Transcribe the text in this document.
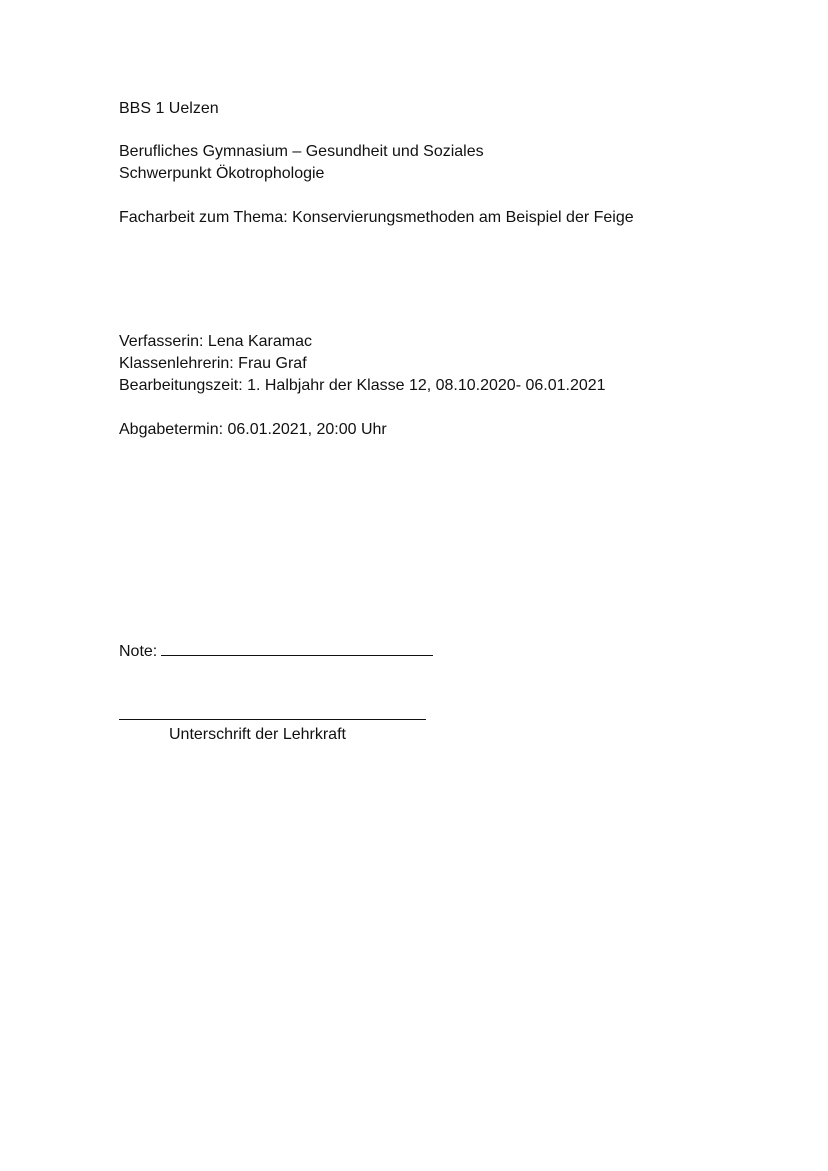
BBS 1 Uelzen
Berufliches Gymnasium – Gesundheit und Soziales
Schwerpunkt Ökotrophologie
Facharbeit zum Thema: Konservierungsmethoden am Beispiel der Feige
Verfasserin: Lena Karamac
Klassenlehrerin: Frau Graf
Bearbeitungszeit: 1. Halbjahr der Klasse 12, 08.10.2020- 06.01.2021
Abgabetermin: 06.01.2021, 20:00 Uhr
Note:
Unterschrift der Lehrkraft
